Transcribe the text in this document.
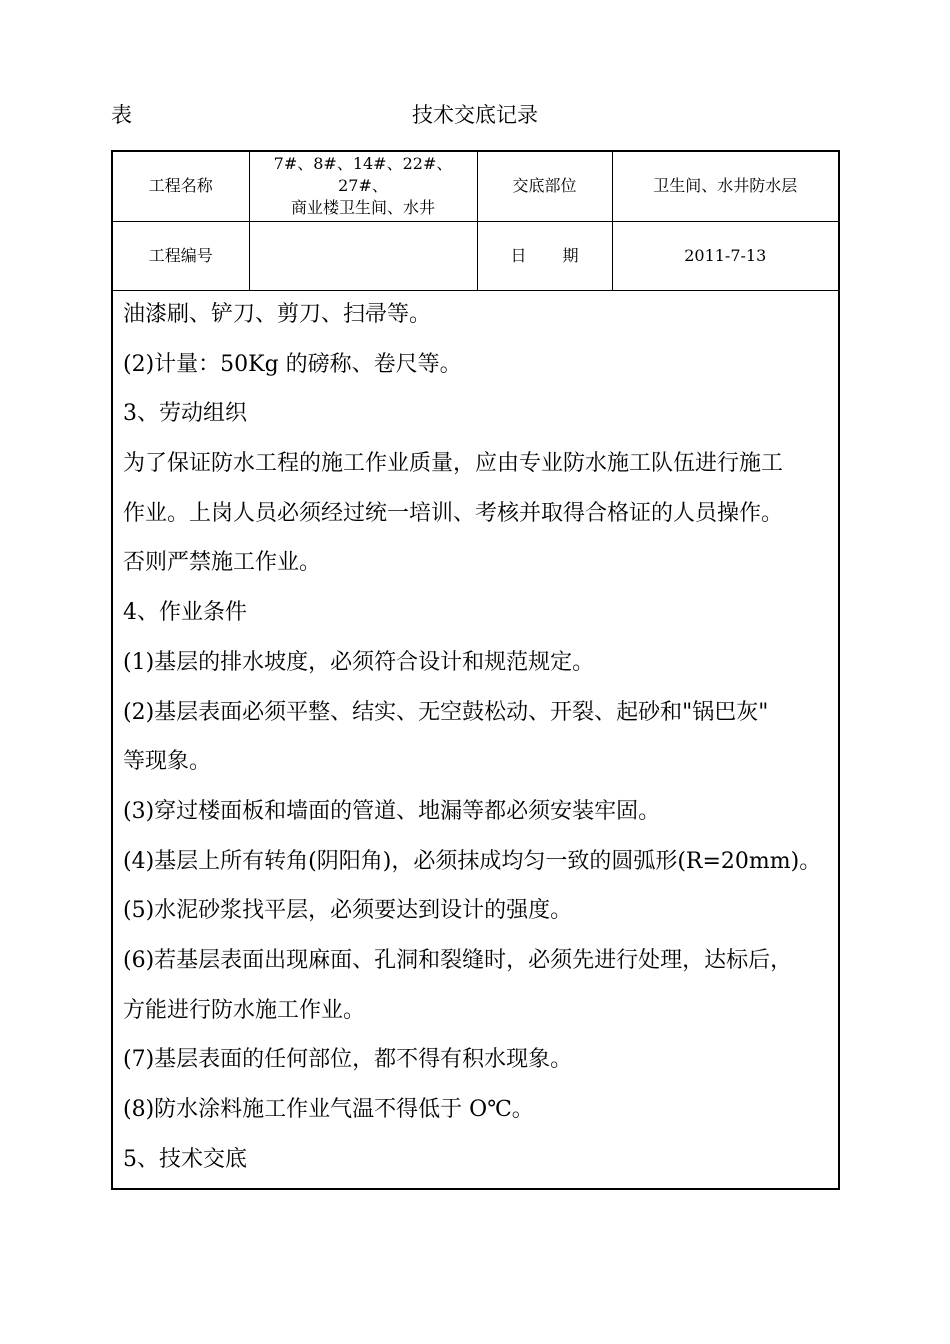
表	技术交底记录
工程名称	7#、8#、14#、22#、27#、
商业楼卫生间、水井	交底部位	卫生间、水井防水层
工程编号		日 期	2011-7-13
油漆刷、铲刀、剪刀、扫帚等。
(2)计量：50Kg 的磅称、卷尺等。
3、劳动组织
为了保证防水工程的施工作业质量，应由专业防水施工队伍进行施工
作业。上岗人员必须经过统一培训、考核并取得合格证的人员操作。
否则严禁施工作业。
4、作业条件
(1)基层的排水坡度，必须符合设计和规范规定。
(2)基层表面必须平整、结实、无空鼓松动、开裂、起砂和"锅巴灰"
等现象。
(3)穿过楼面板和墙面的管道、地漏等都必须安装牢固。
(4)基层上所有转角(阴阳角)，必须抹成均匀一致的圆弧形(R=20mm)。
(5)水泥砂浆找平层，必须要达到设计的强度。
(6)若基层表面出现麻面、孔洞和裂缝时，必须先进行处理，达标后，
方能进行防水施工作业。
(7)基层表面的任何部位，都不得有积水现象。
(8)防水涂料施工作业气温不得低于 O℃。
5、技术交底
